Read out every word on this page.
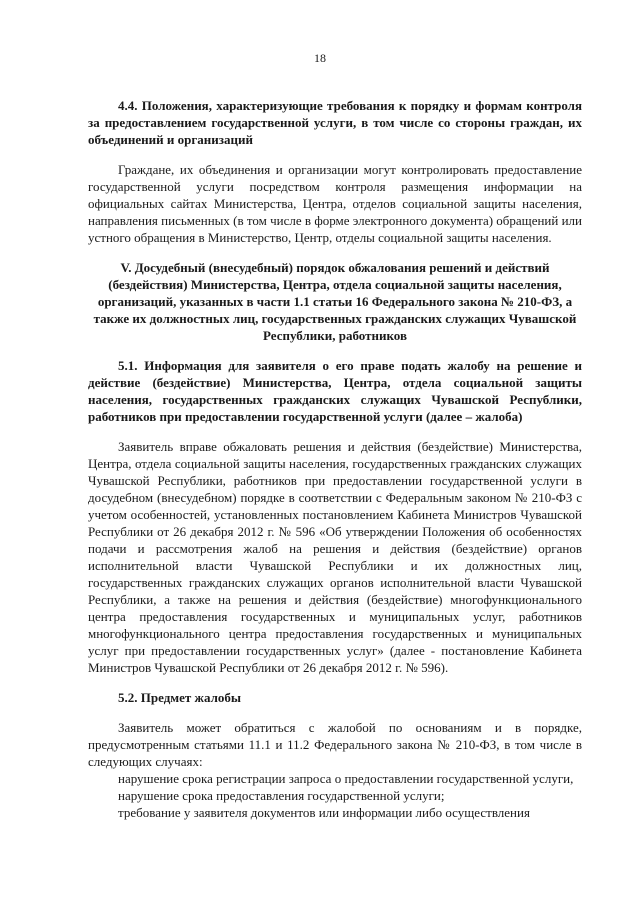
18
4.4. Положения, характеризующие требования к порядку и формам контроля за предоставлением государственной услуги, в том числе со стороны граждан, их объединений и организаций
Граждане, их объединения и организации могут контролировать предоставление государственной услуги посредством контроля размещения информации на официальных сайтах Министерства, Центра, отделов социальной защиты населения, направления письменных (в том числе в форме электронного документа) обращений или устного обращения в Министерство, Центр, отделы социальной защиты населения.
V. Досудебный (внесудебный) порядок обжалования решений и действий (бездействия) Министерства, Центра, отдела социальной защиты населения, организаций, указанных в части 1.1 статьи 16 Федерального закона № 210-ФЗ, а также их должностных лиц, государственных гражданских служащих Чувашской Республики, работников
5.1. Информация для заявителя о его праве подать жалобу на решение и действие (бездействие) Министерства, Центра, отдела социальной защиты населения, государственных гражданских служащих Чувашской Республики, работников при предоставлении государственной услуги (далее – жалоба)
Заявитель вправе обжаловать решения и действия (бездействие) Министерства, Центра, отдела социальной защиты населения, государственных гражданских служащих Чувашской Республики, работников при предоставлении государственной услуги в досудебном (внесудебном) порядке в соответствии с Федеральным законом № 210-ФЗ с учетом особенностей, установленных постановлением Кабинета Министров Чувашской Республики от 26 декабря 2012 г. № 596 «Об утверждении Положения об особенностях подачи и рассмотрения жалоб на решения и действия (бездействие) органов исполнительной власти Чувашской Республики и их должностных лиц, государственных гражданских служащих органов исполнительной власти Чувашской Республики, а также на решения и действия (бездействие) многофункционального центра предоставления государственных и муниципальных услуг, работников многофункционального центра предоставления государственных и муниципальных услуг при предоставлении государственных услуг» (далее - постановление Кабинета Министров Чувашской Республики от 26 декабря 2012 г. № 596).
5.2. Предмет жалобы
Заявитель может обратиться с жалобой по основаниям и в порядке, предусмотренным статьями 11.1 и 11.2 Федерального закона № 210-ФЗ, в том числе в следующих случаях:
нарушение срока регистрации запроса о предоставлении государственной услуги,
нарушение срока предоставления государственной услуги;
требование у заявителя документов или информации либо осуществления
